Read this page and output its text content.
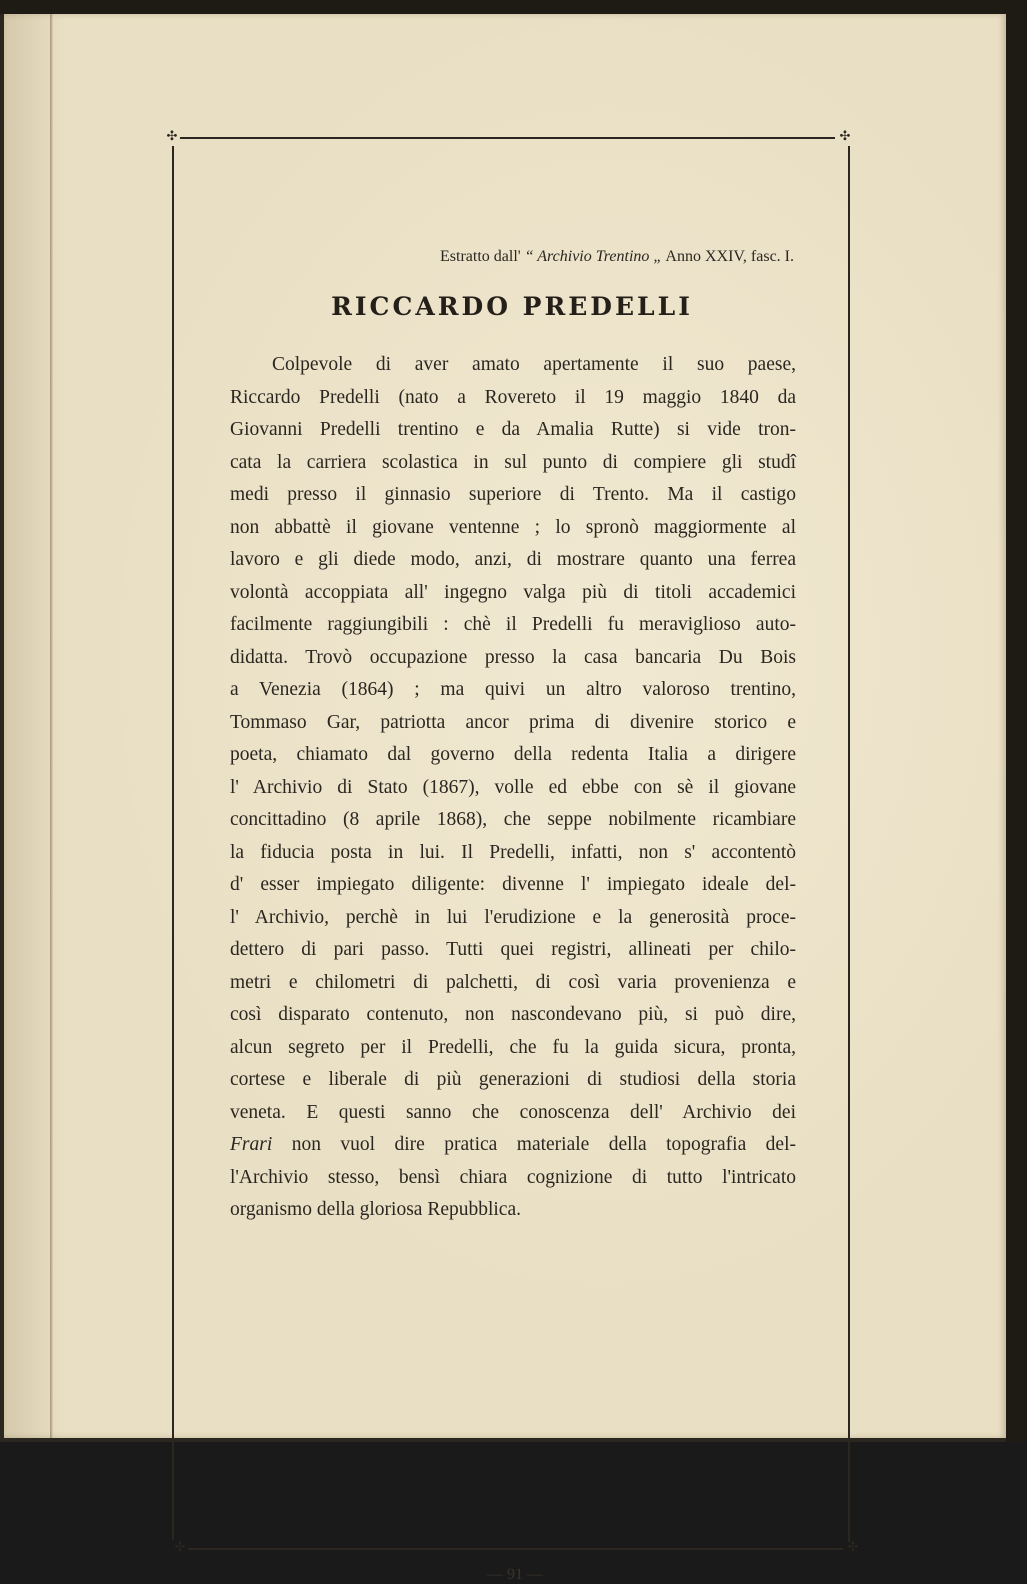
✣	✣
✣	✣
Estratto dall' “ Archivio Trentino „ Anno XXIV, fasc. I.
RICCARDO PREDELLI
Colpevole di aver amato apertamente il suo paese,
Riccardo Predelli (nato a Rovereto il 19 maggio 1840 da
Giovanni Predelli trentino e da Amalia Rutte) si vide tron-
cata la carriera scolastica in sul punto di compiere gli studî
medi presso il ginnasio superiore di Trento. Ma il castigo
non abbattè il giovane ventenne ; lo spronò maggiormente al
lavoro e gli diede modo, anzi, di mostrare quanto una ferrea
volontà accoppiata all' ingegno valga più di titoli accademici
facilmente raggiungibili : chè il Predelli fu meraviglioso auto-
didatta. Trovò occupazione presso la casa bancaria Du Bois
a Venezia (1864) ; ma quivi un altro valoroso trentino,
Tommaso Gar, patriotta ancor prima di divenire storico e
poeta, chiamato dal governo della redenta Italia a dirigere
l' Archivio di Stato (1867), volle ed ebbe con sè il giovane
concittadino (8 aprile 1868), che seppe nobilmente ricambiare
la fiducia posta in lui. Il Predelli, infatti, non s' accontentò
d' esser impiegato diligente: divenne l' impiegato ideale del-
l' Archivio, perchè in lui l'erudizione e la generosità proce-
dettero di pari passo. Tutti quei registri, allineati per chilo-
metri e chilometri di palchetti, di così varia provenienza e
così disparato contenuto, non nascondevano più, si può dire,
alcun segreto per il Predelli, che fu la guida sicura, pronta,
cortese e liberale di più generazioni di studiosi della storia
veneta. E questi sanno che conoscenza dell' Archivio dei
Frari non vuol dire pratica materiale della topografia del-
l'Archivio stesso, bensì chiara cognizione di tutto l'intricato
organismo della gloriosa Repubblica.
— 91 —
